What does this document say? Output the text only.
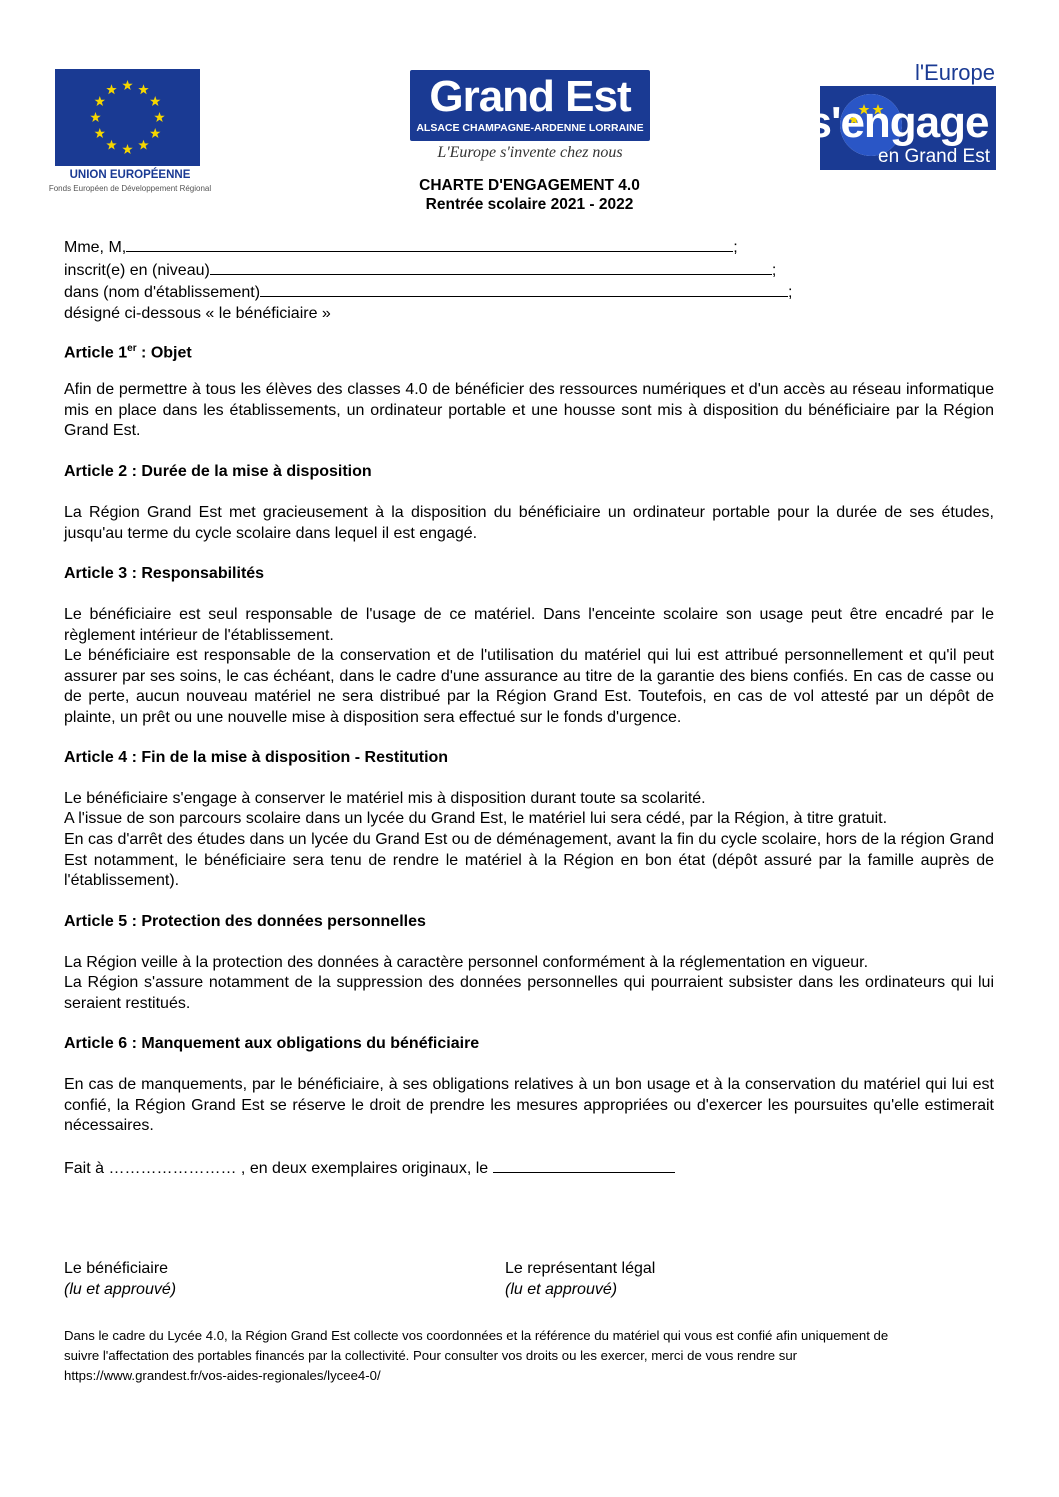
UNION EUROPÉENNE
Fonds Européen de Développement Régional
Grand Est
ALSACE CHAMPAGNE-ARDENNE LORRAINE
L'Europe s'invente chez nous
l'Europe
s'engage
en Grand Est
CHARTE D'ENGAGEMENT 4.0
Rentrée scolaire 2021 - 2022
Mme, M,	;
inscrit(e) en (niveau)	;
dans (nom d'établissement)	;
désigné ci-dessous « le bénéficiaire »
Article 1er : Objet
Afin de permettre à tous les élèves des classes 4.0 de bénéficier des ressources numériques et d'un accès au réseau informatique mis en place dans les établissements, un ordinateur portable et une housse sont mis à disposition du bénéficiaire par la Région Grand Est.
Article 2 : Durée de la mise à disposition
La Région Grand Est met gracieusement à la disposition du bénéficiaire un ordinateur portable pour la durée de ses études, jusqu'au terme du cycle scolaire dans lequel il est engagé.
Article 3 : Responsabilités
Le bénéficiaire est seul responsable de l'usage de ce matériel. Dans l'enceinte scolaire son usage peut être encadré par le règlement intérieur de l'établissement.
Le bénéficiaire est responsable de la conservation et de l'utilisation du matériel qui lui est attribué personnellement et qu'il peut assurer par ses soins, le cas échéant, dans le cadre d'une assurance au titre de la garantie des biens confiés. En cas de casse ou de perte, aucun nouveau matériel ne sera distribué par la Région Grand Est. Toutefois, en cas de vol attesté par un dépôt de plainte, un prêt ou une nouvelle mise à disposition sera effectué sur le fonds d'urgence.
Article 4 : Fin de la mise à disposition - Restitution
Le bénéficiaire s'engage à conserver le matériel mis à disposition durant toute sa scolarité.
A l'issue de son parcours scolaire dans un lycée du Grand Est, le matériel lui sera cédé, par la Région, à titre gratuit.
En cas d'arrêt des études dans un lycée du Grand Est ou de déménagement, avant la fin du cycle scolaire, hors de la région Grand Est notamment, le bénéficiaire sera tenu de rendre le matériel à la Région en bon état (dépôt assuré par la famille auprès de l'établissement).
Article 5 : Protection des données personnelles
La Région veille à la protection des données à caractère personnel conformément à la réglementation en vigueur.
La Région s'assure notamment de la suppression des données personnelles qui pourraient subsister dans les ordinateurs qui lui seraient restitués.
Article 6 : Manquement aux obligations du bénéficiaire
En cas de manquements, par le bénéficiaire, à ses obligations relatives à un bon usage et à la conservation du matériel qui lui est confié, la Région Grand Est se réserve le droit de prendre les mesures appropriées ou d'exercer les poursuites qu'elle estimerait nécessaires.
Fait à …………………… , en deux exemplaires originaux, le
Le bénéficiaire
(lu et approuvé)
Le représentant légal
(lu et approuvé)
Dans le cadre du Lycée 4.0, la Région Grand Est collecte vos coordonnées et la référence du matériel qui vous est confié afin uniquement de
suivre l'affectation des portables financés par la collectivité. Pour consulter vos droits ou les exercer, merci de vous rendre sur
https://www.grandest.fr/vos-aides-regionales/lycee4-0/
